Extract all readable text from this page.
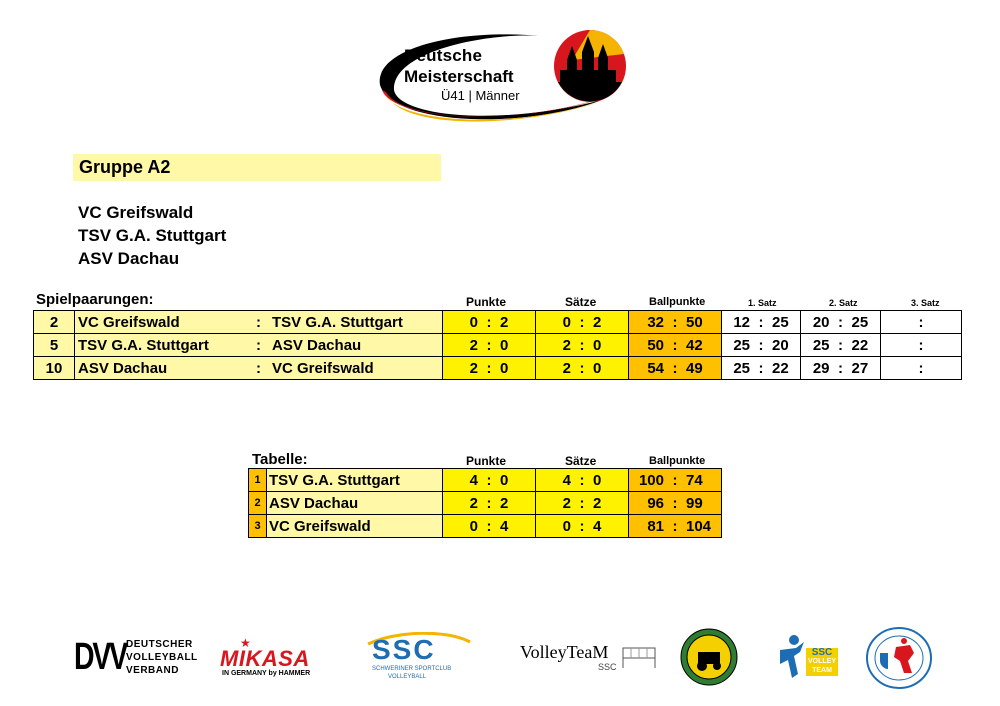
Deutsche
Meisterschaft
Ü41 | Männer
Gruppe A2
VC Greifswald
TSV G.A. Stuttgart
ASV Dachau
Spielpaarungen:	Punkte	Sätze	Ballpunkte	1. Satz	2. Satz	3. Satz
2	VC Greifswald : TSV G.A. Stuttgart	0 : 2	0 : 2	32 : 50	12 : 25	20 : 25	:
5	TSV G.A. Stuttgart : ASV Dachau	2 : 0	2 : 0	50 : 42	25 : 20	25 : 22	:
10	ASV Dachau : VC Greifswald	2 : 0	2 : 0	54 : 49	25 : 22	29 : 27	:
Tabelle:	Punkte	Sätze	Ballpunkte
1	TSV G.A. Stuttgart	4 : 0	4 : 0	100 : 74
2	ASV Dachau	2 : 2	2 : 2	96 : 99
3	VC Greifswald	0 : 4	0 : 4	81 : 104
DVV DEUTSCHER
VOLLEYBALL
VERBAND
★
MIKASA
IN GERMANY by HAMMER
SSC
SCHWERINER SPORTCLUB
VOLLEYBALL
VolleyTeaM
SSC
SSC
VOLLEY
TEAM
